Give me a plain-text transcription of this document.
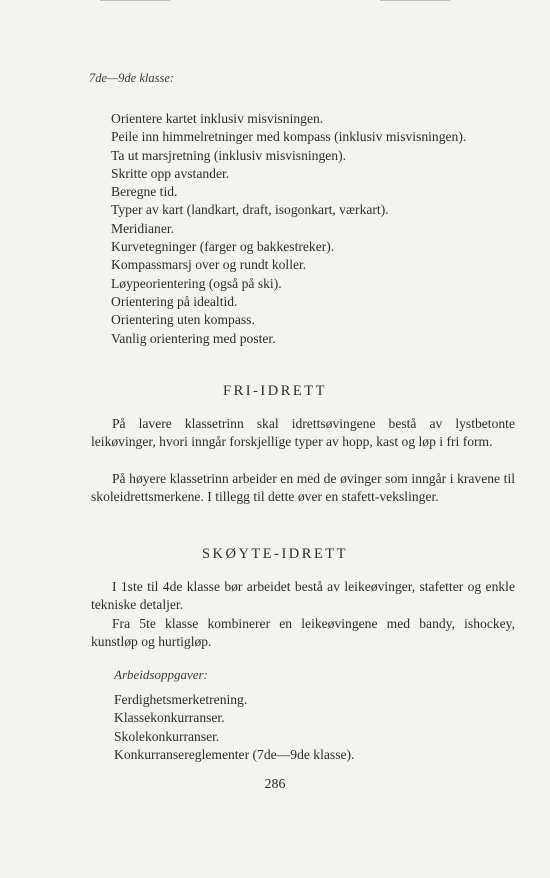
7de—9de klasse:

Orientere kartet inklusiv misvisningen.
Peile inn himmelretninger med kompass (inklusiv misvisningen).
Ta ut marsjretning (inklusiv misvisningen).
Skritte opp avstander.
Beregne tid.
Typer av kart (landkart, draft, isogonkart, værkart).
Meridianer.
Kurvetegninger (farger og bakkestreker).
Kompassmarsj over og rundt koller.
Løypeorientering (også på ski).
Orientering på idealtid.
Orientering uten kompass.
Vanlig orientering med poster.
FRI-IDRETT

På lavere klassetrinn skal idrettsøvingene bestå av lystbetonte leikøvinger, hvori inngår forskjellige typer av hopp, kast og løp i fri form.

På høyere klassetrinn arbeider en med de øvinger som inngår i kravene til skoleidrettsmerkene. I tillegg til dette øver en stafett-vekslinger.

SKØYTE-IDRETT

I 1ste til 4de klasse bør arbeidet bestå av leikeøvinger, stafetter og enkle tekniske detaljer.

Fra 5te klasse kombinerer en leikeøvingene med bandy, ishockey, kunstløp og hurtigløp.

Arbeidsoppgaver:

Ferdighetsmerketrening.
Klassekonkurranser.
Skolekonkurranser.
Konkurransereglementer (7de—9de klasse).

286
